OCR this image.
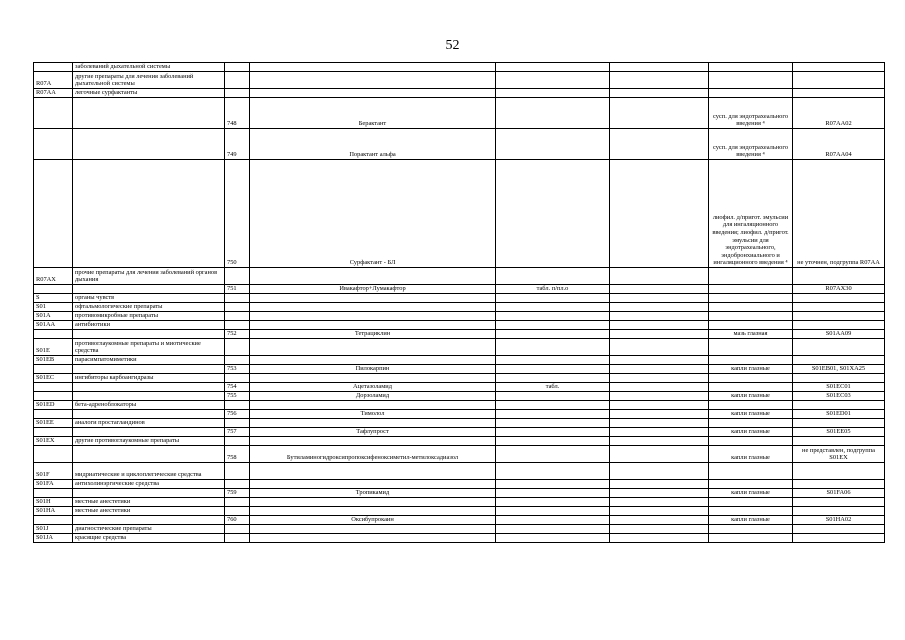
52
	заболеваний дыхательной системы						
R07A	другие препараты для лечения заболеваний дыхательной системы						
R07AA	легочные сурфактанты						
		748	Берактант			сусп. для эндотрахеального введения ⁴	R07AA02
		749	Порактант альфа			сусп. для эндотрахеального введения ⁴	R07AA04
		750	Сурфактант - БЛ			лиофил. д/пригот. эмульсии для ингаляционного введения; лиофил. д/пригот. эмульсии для эндотрахеального, эндобронхиального и ингаляционного введения ⁴	не уточнен, подгруппа R07AA
R07AX	прочие препараты для лечения заболеваний органов дыхания						
		751	Ивакафтор+Лумакафтор	табл. п/пл.о			R07AX30
S	органы чувств						
S01	офтальмологические препараты						
S01A	противомикробные препараты						
S01AA	антибиотики						
		752	Тетрациклин			мазь глазная	S01AA09
S01E	противоглаукомные препараты и миотические средства						
S01EB	парасимпатомиметики						
		753	Пилокарпин			капли глазные	S01EB01, S01XA25
S01EC	ингибиторы карбоангидразы						
		754	Ацетазоламид	табл.			S01EC01
		755	Дорзоламид			капли глазные	S01EC03
S01ED	бета-адреноблокаторы						
		756	Тимолол			капли глазные	S01ED01
S01EE	аналоги простагландинов						
		757	Тафлупрост			капли глазные	S01EE05
S01EX	другие противоглаукомные препараты						
		758	Бутиламиногидроксипропоксифеноксиметил-метилоксадиазол			капли глазные	не представлен, подгруппа S01EX
S01F	мидриатические и циклоплегические средства						
S01FA	антихолинэргические средства						
		759	Тропикамид			капли глазные	S01FA06
S01H	местные анестетики						
S01HA	местные анестетики						
		760	Оксибупрокаин			капли глазные	S01HA02
S01J	диагностические препараты						
S01JA	красящие средства						
